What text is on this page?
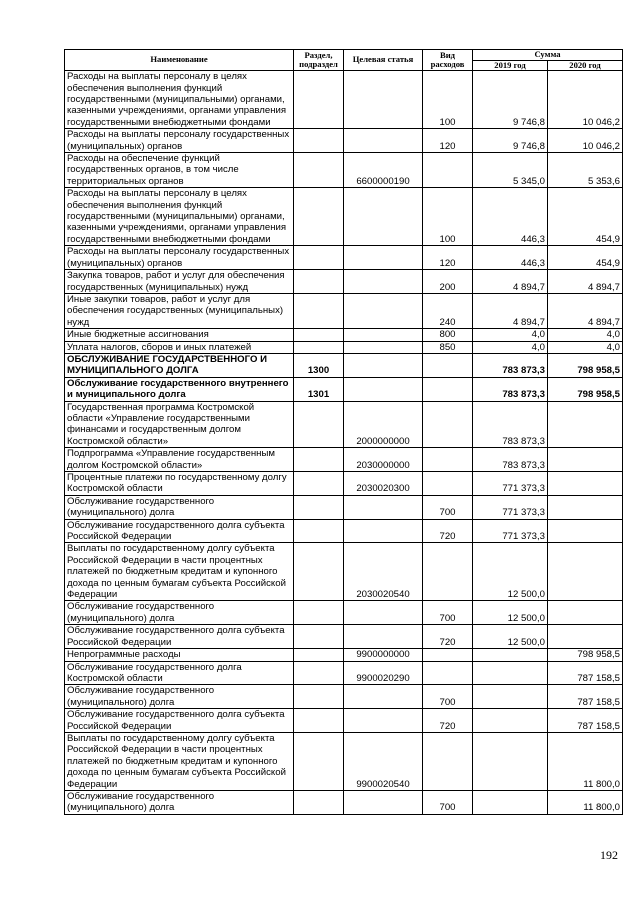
Наименование	Раздел, подраздел	Целевая статья	Вид расходов	Сумма	
				2019 год	2020 год
Расходы на выплаты персоналу в целях обеспечения выполнения функций государственными (муниципальными) органами, казенными учреждениями, органами управления государственными внебюджетными фондами			100	9 746,8	10 046,2
Расходы на выплаты персоналу государственных (муниципальных) органов			120	9 746,8	10 046,2
Расходы на обеспечение функций государственных органов, в том числе территориальных органов		6600000190		5 345,0	5 353,6
Расходы на выплаты персоналу в целях обеспечения выполнения функций государственными (муниципальными) органами, казенными учреждениями, органами управления государственными внебюджетными фондами			100	446,3	454,9
Расходы на выплаты персоналу государственных (муниципальных) органов			120	446,3	454,9
Закупка товаров, работ и услуг для обеспечения государственных (муниципальных) нужд			200	4 894,7	4 894,7
Иные закупки товаров, работ и услуг для обеспечения государственных (муниципальных) нужд			240	4 894,7	4 894,7
Иные бюджетные ассигнования			800	4,0	4,0
Уплата налогов, сборов и иных платежей			850	4,0	4,0
ОБСЛУЖИВАНИЕ ГОСУДАРСТВЕННОГО И МУНИЦИПАЛЬНОГО ДОЛГА	1300			783 873,3	798 958,5
Обслуживание государственного внутреннего и муниципального долга	1301			783 873,3	798 958,5
Государственная программа Костромской области «Управление государственными финансами и государственным долгом Костромской области»		2000000000		783 873,3	
Подпрограмма «Управление государственным долгом Костромской области»		2030000000		783 873,3	
Процентные платежи по государственному долгу Костромской области		2030020300		771 373,3	
Обслуживание государственного (муниципального) долга			700	771 373,3	
Обслуживание государственного долга субъекта Российской Федерации			720	771 373,3	
Выплаты по государственному долгу субъекта Российской Федерации в части процентных платежей по бюджетным кредитам и купонного дохода по ценным бумагам субъекта Российской Федерации		2030020540		12 500,0	
Обслуживание государственного (муниципального) долга			700	12 500,0	
Обслуживание государственного долга субъекта Российской Федерации			720	12 500,0	
Непрограммные расходы		9900000000			798 958,5
Обслуживание государственного долга Костромской области		9900020290			787 158,5
Обслуживание государственного (муниципального) долга			700		787 158,5
Обслуживание государственного долга субъекта Российской Федерации			720		787 158,5
Выплаты по государственному долгу субъекта Российской Федерации в части процентных платежей по бюджетным кредитам и купонного дохода по ценным бумагам субъекта Российской Федерации		9900020540			11 800,0
Обслуживание государственного (муниципального) долга			700		11 800,0
192
